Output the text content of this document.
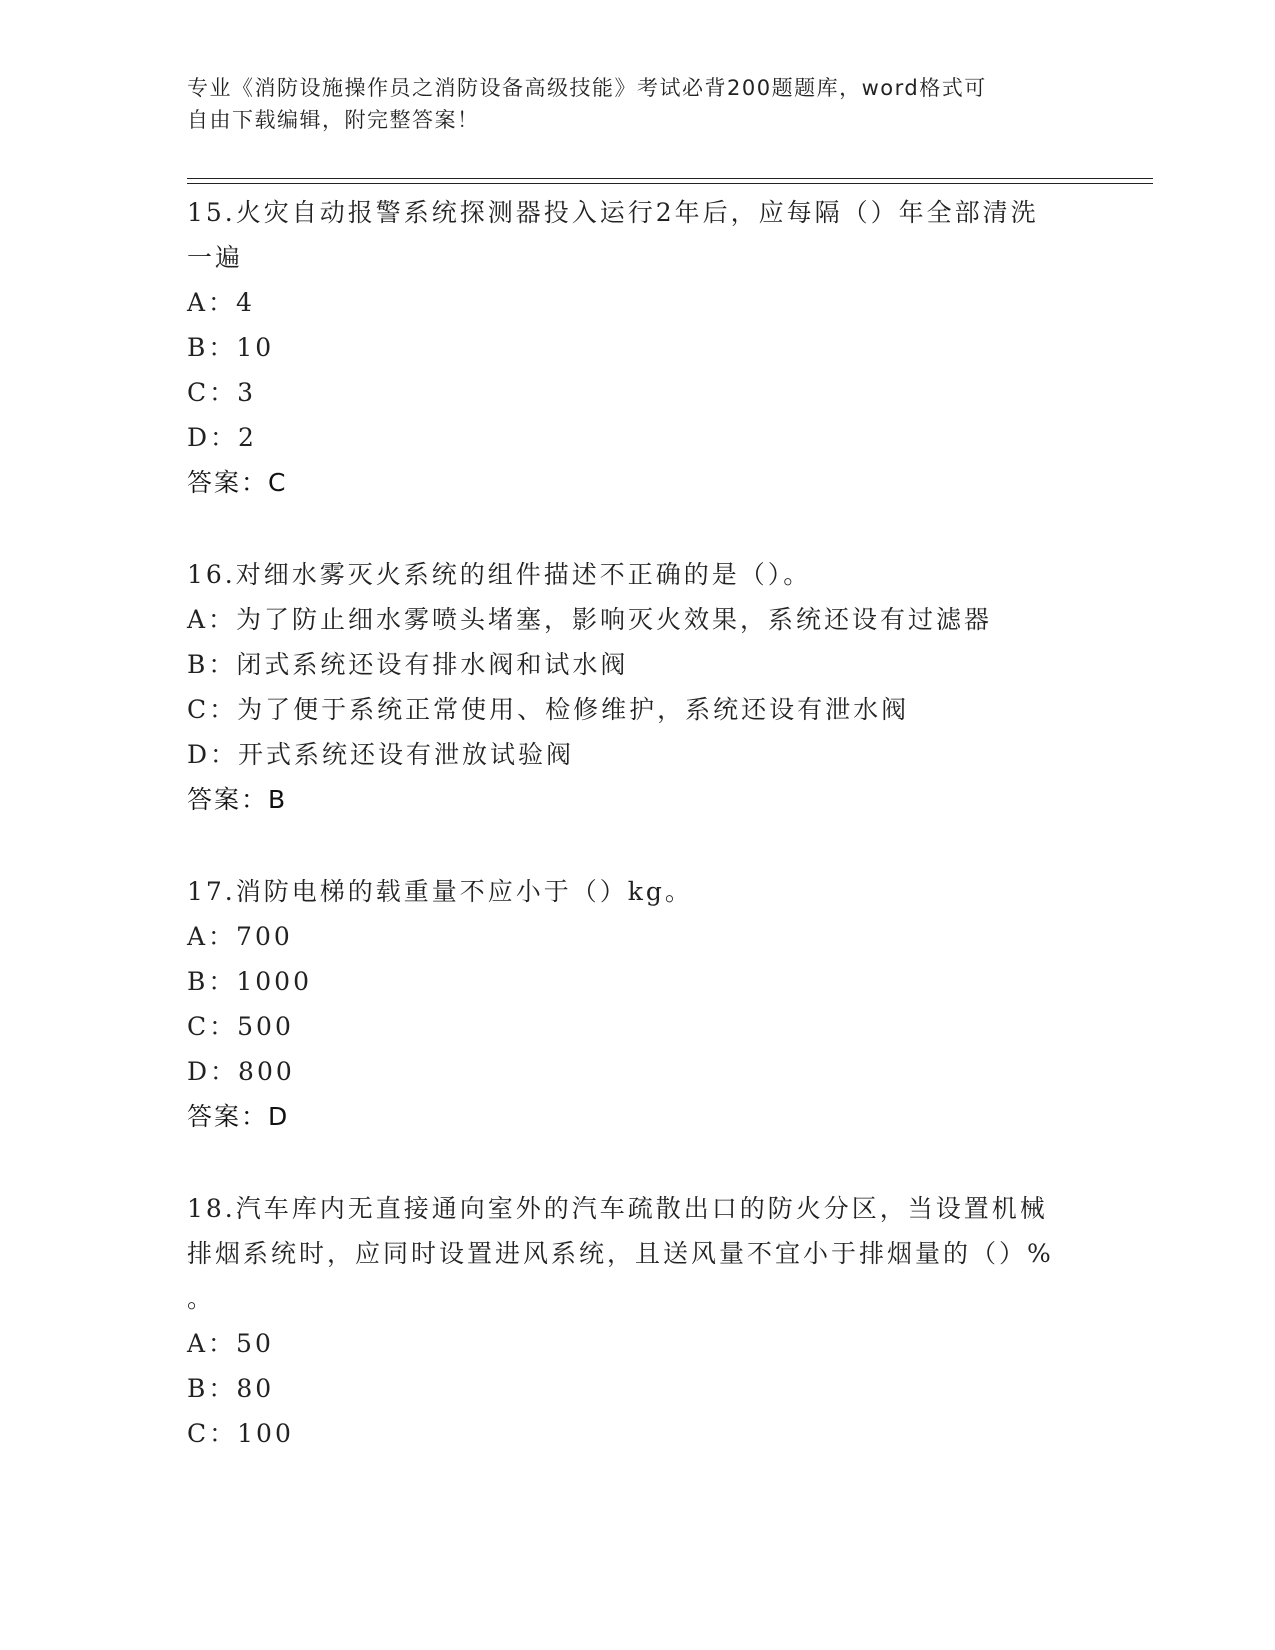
专业《消防设施操作员之消防设备高级技能》考试必背200题题库，word格式可
自由下载编辑，附完整答案！
15.火灾自动报警系统探测器投入运行2年后，应每隔（）年全部清洗
一遍
A：4
B：10
C：3
D：2
答案：C
16.对细水雾灭火系统的组件描述不正确的是（）。
A：为了防止细水雾喷头堵塞，影响灭火效果，系统还设有过滤器
B：闭式系统还设有排水阀和试水阀
C：为了便于系统正常使用、检修维护，系统还设有泄水阀
D：开式系统还设有泄放试验阀
答案：B
17.消防电梯的载重量不应小于（）kg。
A：700
B：1000
C：500
D：800
答案：D
18.汽车库内无直接通向室外的汽车疏散出口的防火分区，当设置机械
排烟系统时，应同时设置进风系统，且送风量不宜小于排烟量的（）%
。
A：50
B：80
C：100
